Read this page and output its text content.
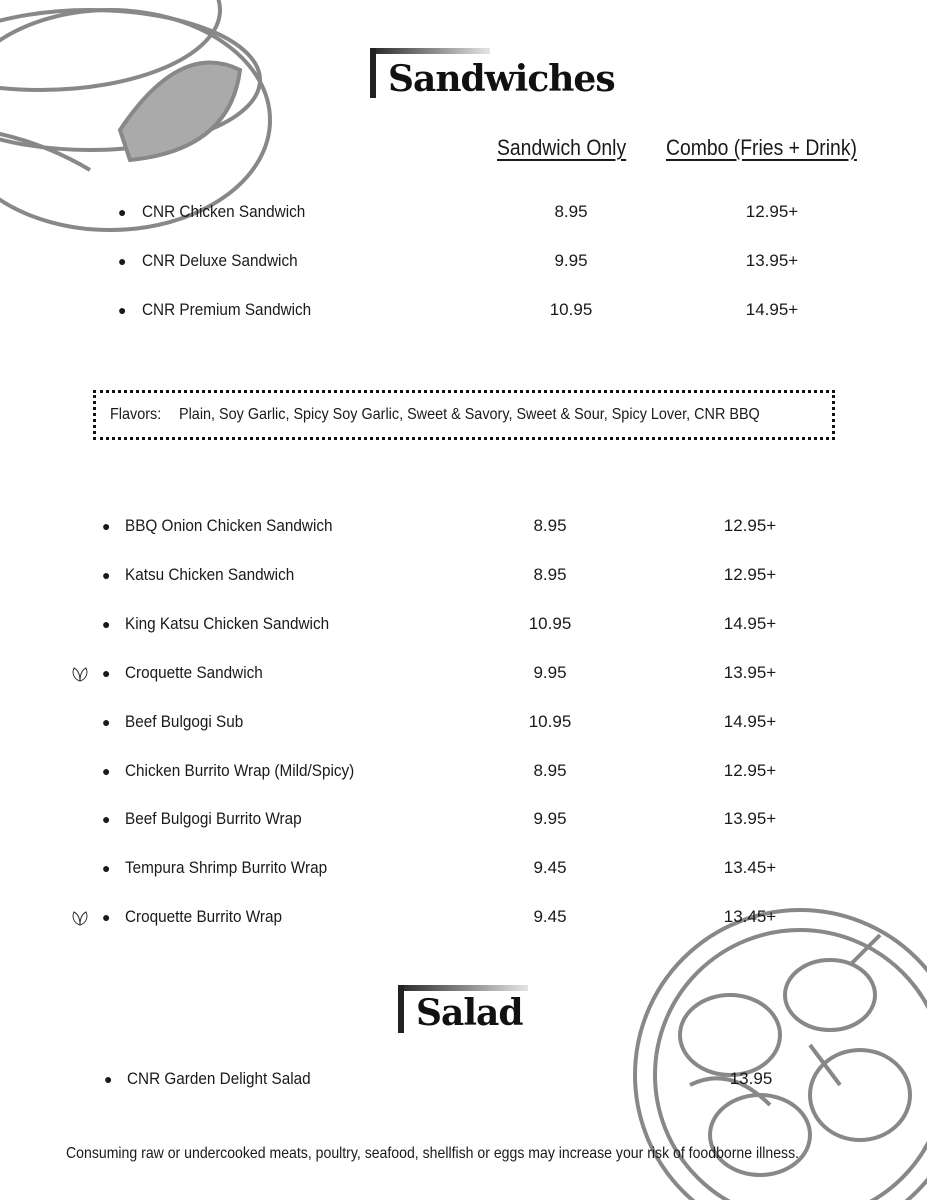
Sandwiches
Sandwich Only Combo (Fries + Drink)
● CNR Chicken Sandwich	8.95	12.95+
● CNR Deluxe Sandwich	9.95	13.95+
● CNR Premium Sandwich	10.95	14.95+
Flavors: Plain, Soy Garlic, Spicy Soy Garlic, Sweet & Savory, Sweet & Sour, Spicy Lover, CNR BBQ
● BBQ Onion Chicken Sandwich	8.95	12.95+
● Katsu Chicken Sandwich	8.95	12.95+
● King Katsu Chicken Sandwich	10.95	14.95+
● Croquette Sandwich	9.95	13.95+
● Beef Bulgogi Sub	10.95	14.95+
● Chicken Burrito Wrap (Mild/Spicy)	8.95	12.95+
● Beef Bulgogi Burrito Wrap	9.95	13.95+
● Tempura Shrimp Burrito Wrap	9.45	13.45+
● Croquette Burrito Wrap	9.45	13.45+
Salad
● CNR Garden Delight Salad	13.95
Consuming raw or undercooked meats, poultry, seafood, shellfish or eggs may increase your risk of foodborne illness.
